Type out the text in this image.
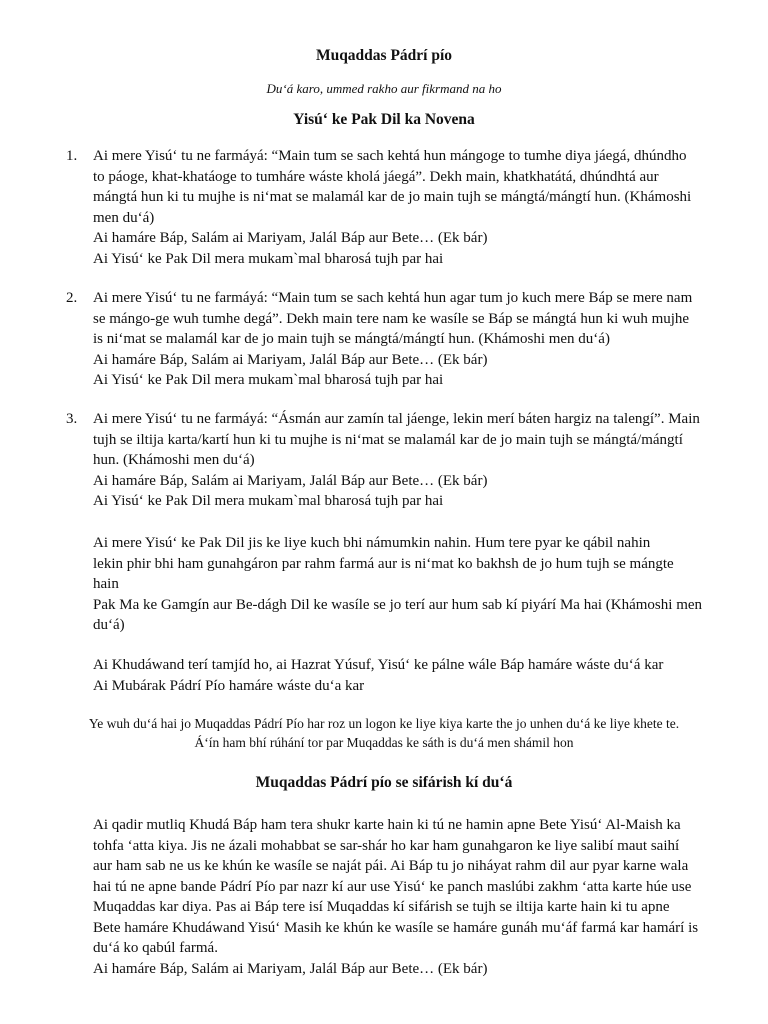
Muqaddas Pádrí pío
Du‘á karo, ummed rakho aur fikrmand na ho
Yisú‘ ke Pak Dil ka Novena
1. Ai mere Yisú‘ tu ne farmáyá: “Main tum se sach kehtá hun mángoge to tumhe diya jáegá, dhúndho
to páoge, khat-khatáoge to tumháre wáste kholá jáegá”. Dekh main, khatkhatátá, dhúndhtá aur
mángtá hun ki tu mujhe is ni‘mat se malamál kar de jo main tujh se mángtá/mángtí hun. (Khámoshi
men du‘á)
Ai hamáre Báp, Salám ai Mariyam, Jalál Báp aur Bete… (Ek bár)
Ai Yisú‘ ke Pak Dil mera mukam`mal bharosá tujh par hai
2. Ai mere Yisú‘ tu ne farmáyá: “Main tum se sach kehtá hun agar tum jo kuch mere Báp se mere nam
se mángo-ge wuh tumhe degá”. Dekh main tere nam ke wasíle se Báp se mángtá hun ki wuh mujhe
is ni‘mat se malamál kar de jo main tujh se mángtá/mángtí hun. (Khámoshi men du‘á)
Ai hamáre Báp, Salám ai Mariyam, Jalál Báp aur Bete… (Ek bár)
Ai Yisú‘ ke Pak Dil mera mukam`mal bharosá tujh par hai
3. Ai mere Yisú‘ tu ne farmáyá: “Ásmán aur zamín tal jáenge, lekin merí báten hargiz na talengí”. Main
tujh se iltija karta/kartí hun ki tu mujhe is ni‘mat se malamál kar de jo main tujh se mángtá/mángtí
hun. (Khámoshi men du‘á)
Ai hamáre Báp, Salám ai Mariyam, Jalál Báp aur Bete… (Ek bár)
Ai Yisú‘ ke Pak Dil mera mukam`mal bharosá tujh par hai
Ai mere Yisú‘ ke Pak Dil jis ke liye kuch bhi námumkin nahin. Hum tere pyar ke qábil nahin
lekin phir bhi ham gunahgáron par rahm farmá aur is ni‘mat ko bakhsh de jo hum tujh se mángte
hain
Pak Ma ke Gamgín aur Be-dágh Dil ke wasíle se jo terí aur hum sab kí piyárí Ma hai (Khámoshi men
du‘á)
Ai Khudáwand terí tamjíd ho, ai Hazrat Yúsuf, Yisú‘ ke pálne wále Báp hamáre wáste du‘á kar
Ai Mubárak Pádrí Pío hamáre wáste du‘a kar
Ye wuh du‘á hai jo Muqaddas Pádrí Pío har roz un logon ke liye kiya karte the jo unhen du‘á ke liye khete te.
Á‘ín ham bhí rúhání tor par Muqaddas ke sáth is du‘á men shámil hon
Muqaddas Pádrí pío se sifárish kí du‘á
Ai qadir mutliq Khudá Báp ham tera shukr karte hain ki tú ne hamin apne Bete Yisú‘ Al-Maish ka
tohfa ‘atta kiya. Jis ne ázali mohabbat se sar-shár ho kar ham gunahgaron ke liye salibí maut saihí
aur ham sab ne us ke khún ke wasíle se naját pái. Ai Báp tu jo niháyat rahm dil aur pyar karne wala
hai tú ne apne bande Pádrí Pío par nazr kí aur use Yisú‘ ke panch maslúbi zakhm ‘atta karte húe use
Muqaddas kar diya. Pas ai Báp tere isí Muqaddas kí sifárish se tujh se iltija karte hain ki tu apne
Bete hamáre Khudáwand Yisú‘ Masih ke khún ke wasíle se hamáre gunáh mu‘áf farmá kar hamárí is
du‘á ko qabúl farmá.
Ai hamáre Báp, Salám ai Mariyam, Jalál Báp aur Bete… (Ek bár)
